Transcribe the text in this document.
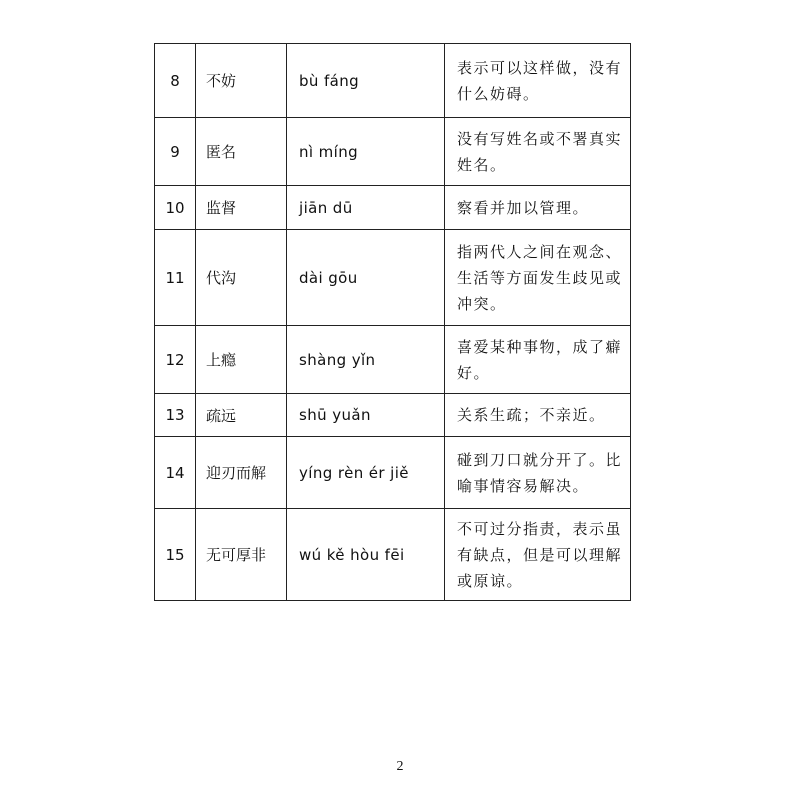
8	不妨	bù fáng	表示可以这样做，没有什么妨碍。
9	匿名	nì míng	没有写姓名或不署真实姓名。
10	监督	jiān dū	察看并加以管理。
11	代沟	dài gōu	指两代人之间在观念、生活等方面发生歧见或冲突。
12	上瘾	shàng yǐn	喜爱某种事物，成了癖好。
13	疏远	shū yuǎn	关系生疏；不亲近。
14	迎刃而解	yíng rèn ér jiě	碰到刀口就分开了。比喻事情容易解决。
15	无可厚非	wú kě hòu fēi	不可过分指责，表示虽有缺点，但是可以理解或原谅。
2
